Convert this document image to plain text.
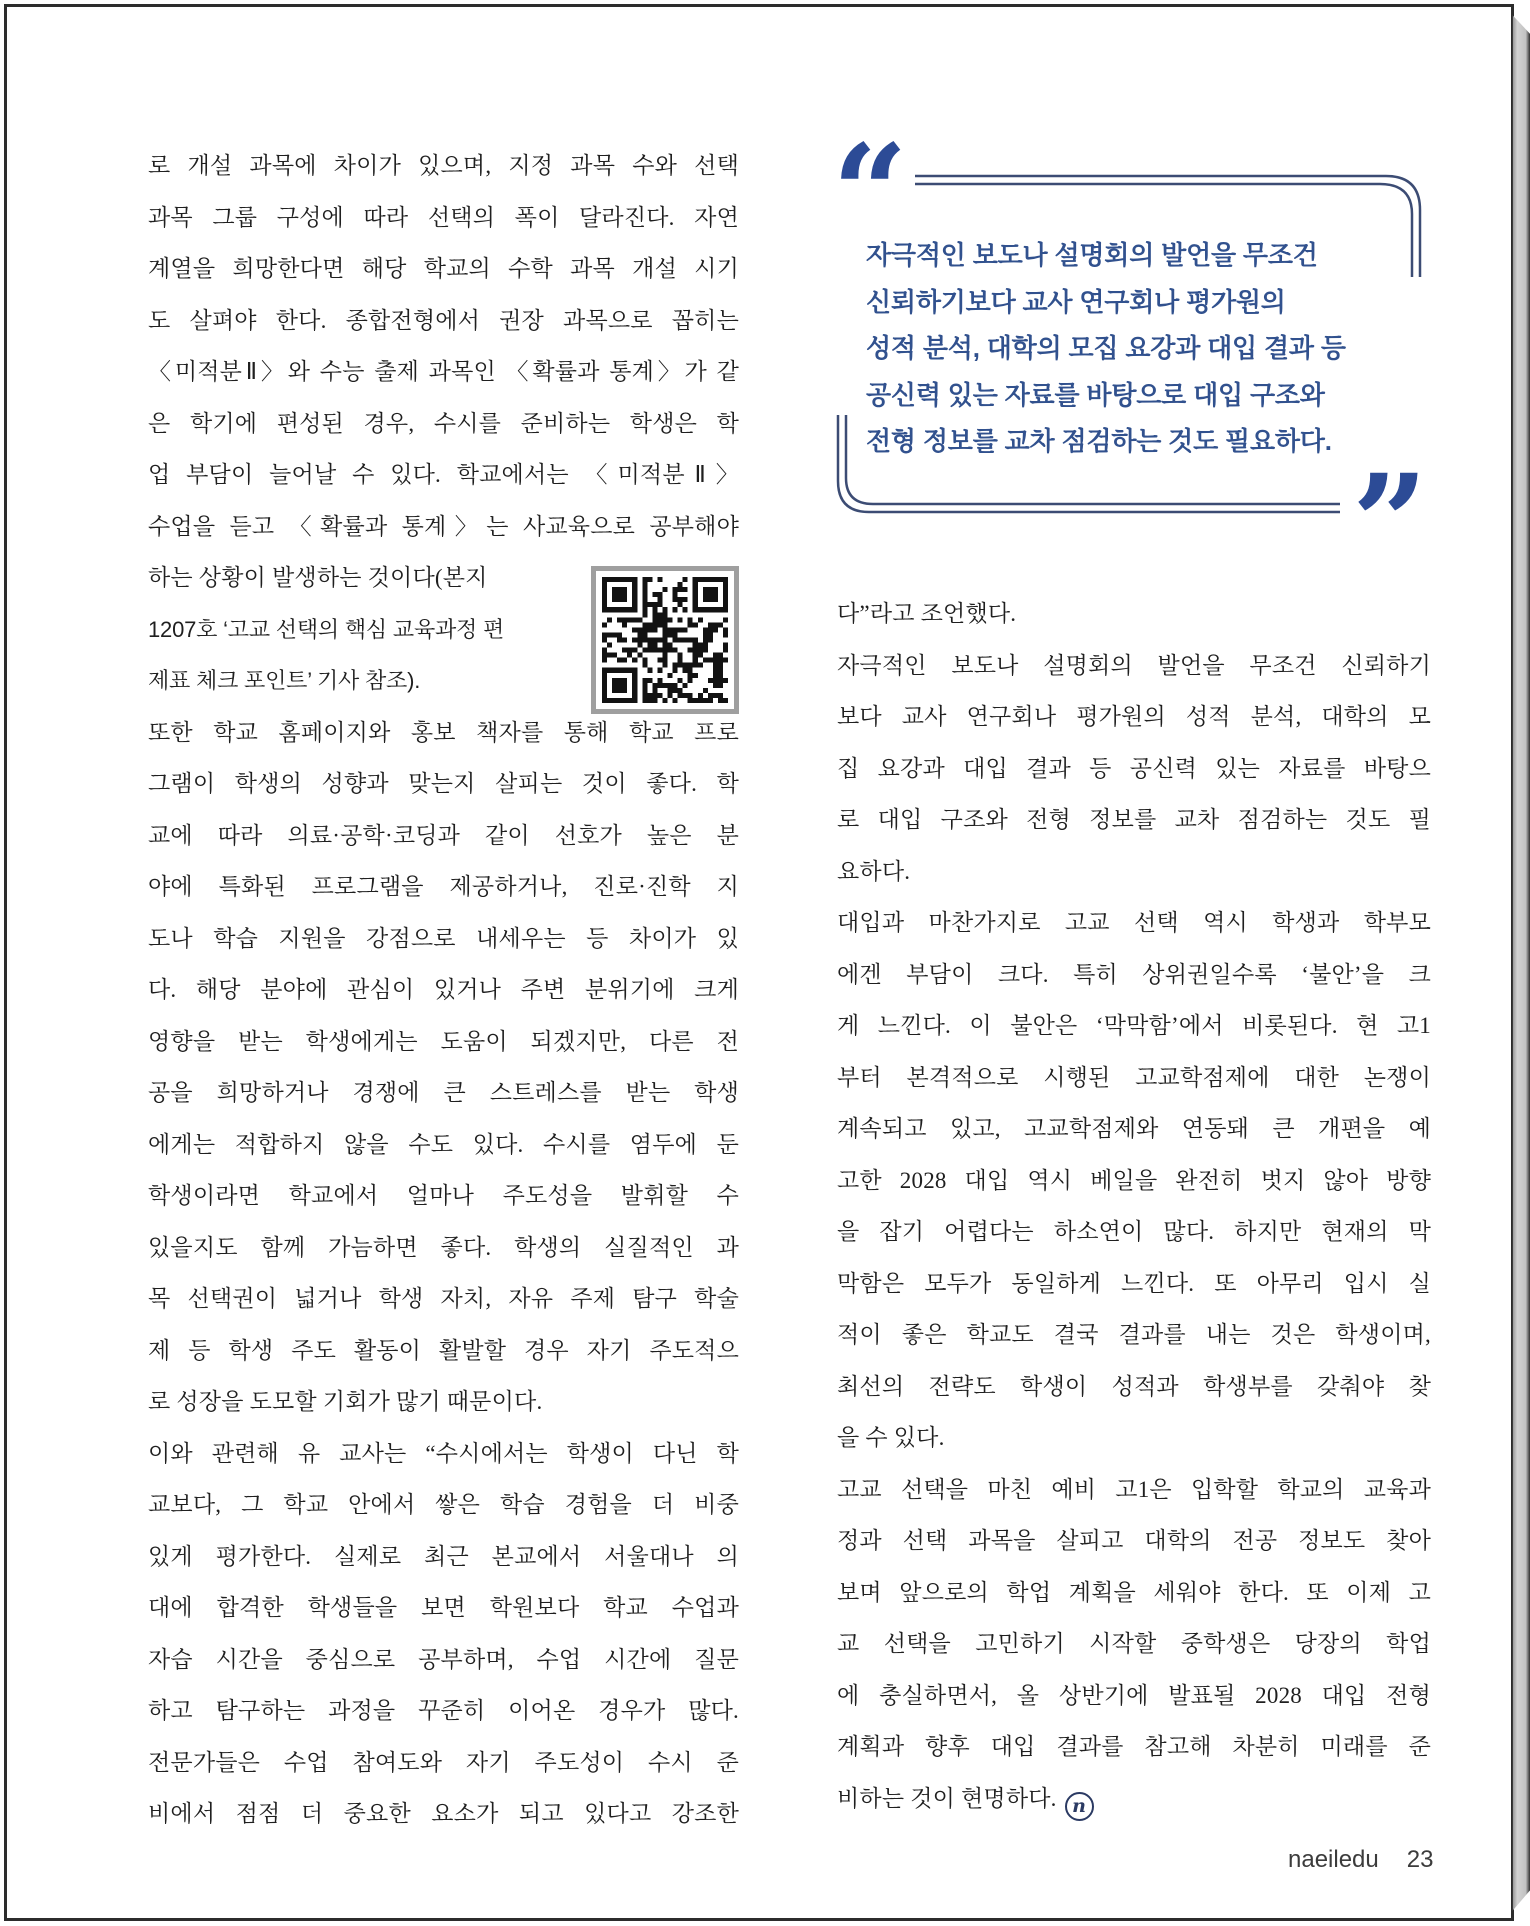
“
”
자극적인 보도나 설명회의 발언을 무조건
신뢰하기보다 교사 연구회나 평가원의
성적 분석, 대학의 모집 요강과 대입 결과 등
공신력 있는 자료를 바탕으로 대입 구조와
전형 정보를 교차 점검하는 것도 필요하다.
로 개설 과목에 차이가 있으며, 지정 과목 수와 선택
과목 그룹 구성에 따라 선택의 폭이 달라진다. 자연
계열을 희망한다면 해당 학교의 수학 과목 개설 시기
도 살펴야 한다. 종합전형에서 권장 과목으로 꼽히는
〈미적분Ⅱ〉와 수능 출제 과목인 〈확률과 통계〉가 같
은 학기에 편성된 경우, 수시를 준비하는 학생은 학
업 부담이 늘어날 수 있다. 학교에서는 〈미적분Ⅱ〉
수업을 듣고 〈확률과 통계〉는 사교육으로 공부해야
하는 상황이 발생하는 것이다(본지
1207호 ‘고교 선택의 핵심 교육과정 편
제표 체크 포인트’ 기사 참조).
또한 학교 홈페이지와 홍보 책자를 통해 학교 프로
그램이 학생의 성향과 맞는지 살피는 것이 좋다. 학
교에 따라 의료·공학·코딩과 같이 선호가 높은 분
야에 특화된 프로그램을 제공하거나, 진로·진학 지
도나 학습 지원을 강점으로 내세우는 등 차이가 있
다. 해당 분야에 관심이 있거나 주변 분위기에 크게
영향을 받는 학생에게는 도움이 되겠지만, 다른 전
공을 희망하거나 경쟁에 큰 스트레스를 받는 학생
에게는 적합하지 않을 수도 있다. 수시를 염두에 둔
학생이라면 학교에서 얼마나 주도성을 발휘할 수
있을지도 함께 가늠하면 좋다. 학생의 실질적인 과
목 선택권이 넓거나 학생 자치, 자유 주제 탐구 학술
제 등 학생 주도 활동이 활발할 경우 자기 주도적으
로 성장을 도모할 기회가 많기 때문이다.
이와 관련해 유 교사는 “수시에서는 학생이 다닌 학
교보다, 그 학교 안에서 쌓은 학습 경험을 더 비중
있게 평가한다. 실제로 최근 본교에서 서울대나 의
대에 합격한 학생들을 보면 학원보다 학교 수업과
자습 시간을 중심으로 공부하며, 수업 시간에 질문
하고 탐구하는 과정을 꾸준히 이어온 경우가 많다.
전문가들은 수업 참여도와 자기 주도성이 수시 준
비에서 점점 더 중요한 요소가 되고 있다고 강조한
다”라고 조언했다.
자극적인 보도나 설명회의 발언을 무조건 신뢰하기
보다 교사 연구회나 평가원의 성적 분석, 대학의 모
집 요강과 대입 결과 등 공신력 있는 자료를 바탕으
로 대입 구조와 전형 정보를 교차 점검하는 것도 필
요하다.
대입과 마찬가지로 고교 선택 역시 학생과 학부모
에겐 부담이 크다. 특히 상위권일수록 ‘불안’을 크
게 느낀다. 이 불안은 ‘막막함’에서 비롯된다. 현 고1
부터 본격적으로 시행된 고교학점제에 대한 논쟁이
계속되고 있고, 고교학점제와 연동돼 큰 개편을 예
고한 2028 대입 역시 베일을 완전히 벗지 않아 방향
을 잡기 어렵다는 하소연이 많다. 하지만 현재의 막
막함은 모두가 동일하게 느낀다. 또 아무리 입시 실
적이 좋은 학교도 결국 결과를 내는 것은 학생이며,
최선의 전략도 학생이 성적과 학생부를 갖춰야 찾
을 수 있다.
고교 선택을 마친 예비 고1은 입학할 학교의 교육과
정과 선택 과목을 살피고 대학의 전공 정보도 찾아
보며 앞으로의 학업 계획을 세워야 한다. 또 이제 고
교 선택을 고민하기 시작할 중학생은 당장의 학업
에 충실하면서, 올 상반기에 발표될 2028 대입 전형
계획과 향후 대입 결과를 참고해 차분히 미래를 준
비하는 것이 현명하다. n
naeiledu 23
